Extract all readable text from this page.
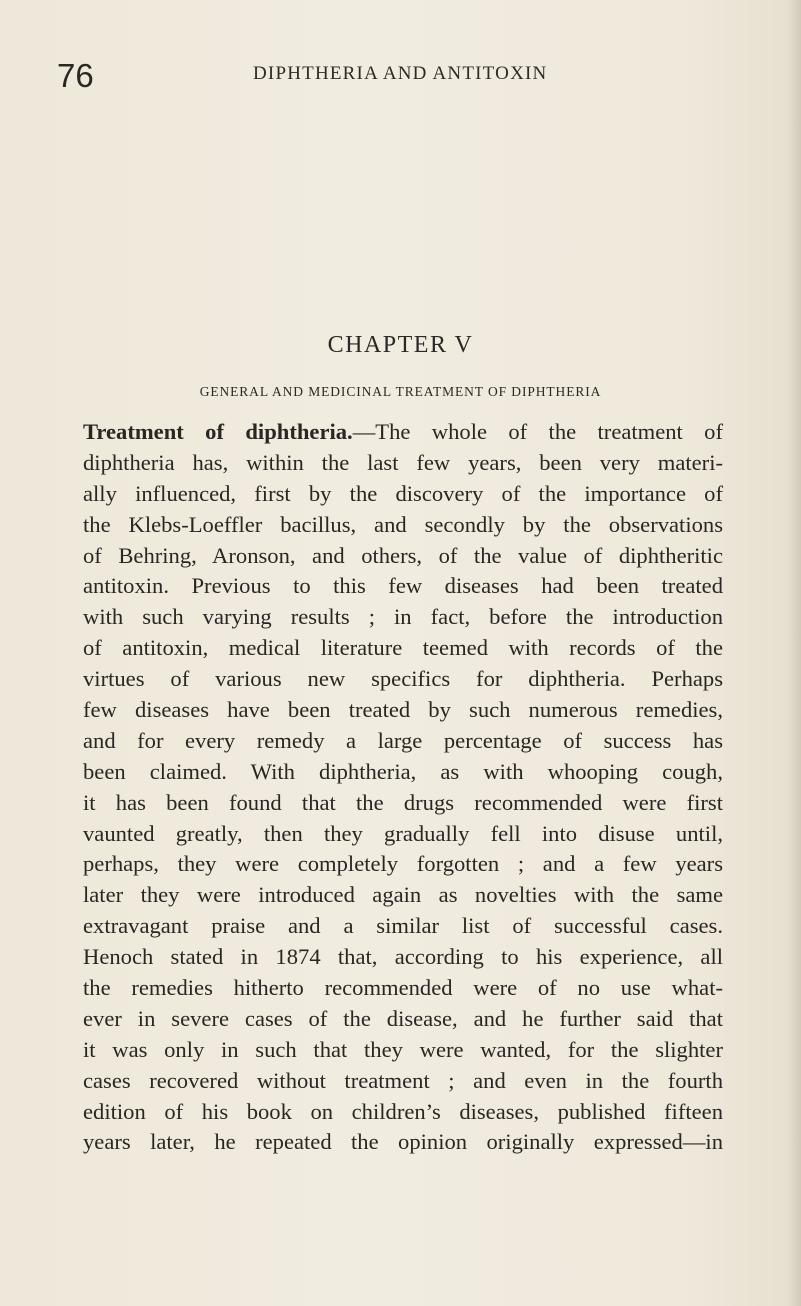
76	DIPHTHERIA AND ANTITOXIN
CHAPTER V
GENERAL AND MEDICINAL TREATMENT OF DIPHTHERIA
Treatment of diphtheria.—The whole of the treatment of
diphtheria has, within the last few years, been very materi-
ally influenced, first by the discovery of the importance of
the Klebs-Loeffler bacillus, and secondly by the observations
of Behring, Aronson, and others, of the value of diphtheritic
antitoxin. Previous to this few diseases had been treated
with such varying results ; in fact, before the introduction
of antitoxin, medical literature teemed with records of the
virtues of various new specifics for diphtheria. Perhaps
few diseases have been treated by such numerous remedies,
and for every remedy a large percentage of success has
been claimed. With diphtheria, as with whooping cough,
it has been found that the drugs recommended were first
vaunted greatly, then they gradually fell into disuse until,
perhaps, they were completely forgotten ; and a few years
later they were introduced again as novelties with the same
extravagant praise and a similar list of successful cases.
Henoch stated in 1874 that, according to his experience, all
the remedies hitherto recommended were of no use what-
ever in severe cases of the disease, and he further said that
it was only in such that they were wanted, for the slighter
cases recovered without treatment ; and even in the fourth
edition of his book on children’s diseases, published fifteen
years later, he repeated the opinion originally expressed—in
